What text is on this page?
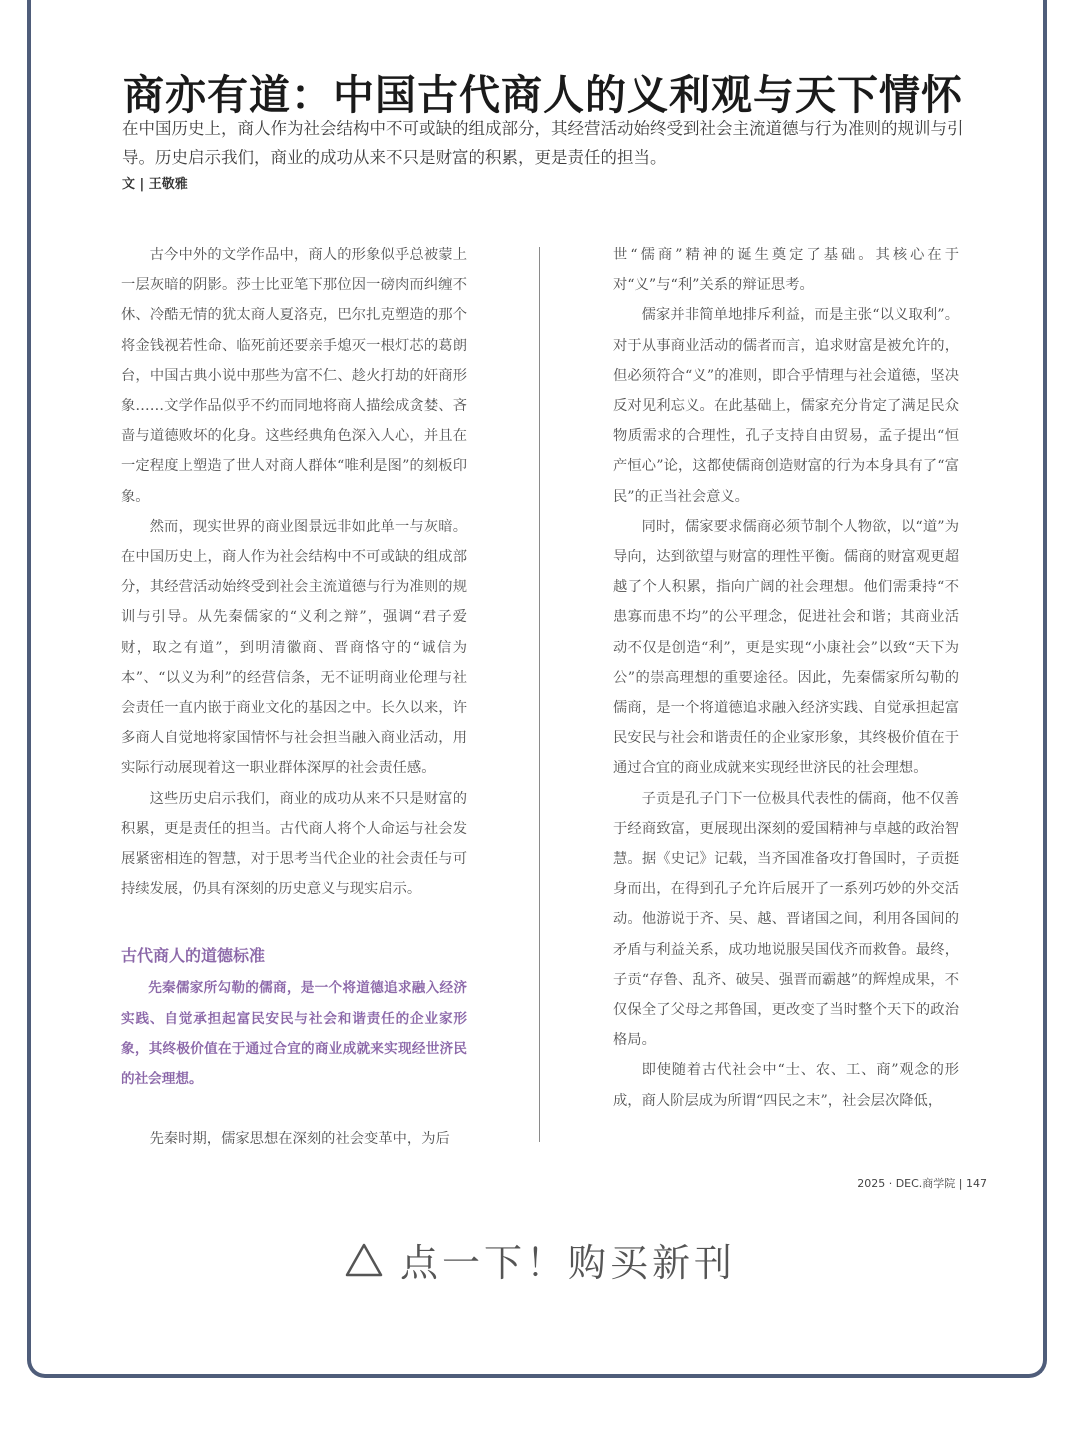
商亦有道：中国古代商人的义利观与天下情怀

在中国历史上，商人作为社会结构中不可或缺的组成部分，其经营活动始终受到社会主流道德与行为准则的规训与引导。历史启示我们，商业的成功从来不只是财富的积累，更是责任的担当。

文 | 王敬雅

古今中外的文学作品中，商人的形象似乎总被蒙上一层灰暗的阴影。莎士比亚笔下那位因一磅肉而纠缠不休、冷酷无情的犹太商人夏洛克，巴尔扎克塑造的那个将金钱视若性命、临死前还要亲手熄灭一根灯芯的葛朗台，中国古典小说中那些为富不仁、趁火打劫的奸商形象……文学作品似乎不约而同地将商人描绘成贪婪、吝啬与道德败坏的化身。这些经典角色深入人心，并且在一定程度上塑造了世人对商人群体“唯利是图”的刻板印象。

然而，现实世界的商业图景远非如此单一与灰暗。在中国历史上，商人作为社会结构中不可或缺的组成部分，其经营活动始终受到社会主流道德与行为准则的规训与引导。从先秦儒家的“义利之辩”，强调“君子爱财，取之有道”，到明清徽商、晋商恪守的“诚信为本”、“以义为利”的经营信条，无不证明商业伦理与社会责任一直内嵌于商业文化的基因之中。长久以来，许多商人自觉地将家国情怀与社会担当融入商业活动，用实际行动展现着这一职业群体深厚的社会责任感。

这些历史启示我们，商业的成功从来不只是财富的积累，更是责任的担当。古代商人将个人命运与社会发展紧密相连的智慧，对于思考当代企业的社会责任与可持续发展，仍具有深刻的历史意义与现实启示。

古代商人的道德标准
先秦儒家所勾勒的儒商，是一个将道德追求融入经济实践、自觉承担起富民安民与社会和谐责任的企业家形象，其终极价值在于通过合宜的商业成就来实现经世济民的社会理想。

先秦时期，儒家思想在深刻的社会变革中，为后

世“儒商”精神的诞生奠定了基础。其核心在于对“义”与“利”关系的辩证思考。

儒家并非简单地排斥利益，而是主张“以义取利”。对于从事商业活动的儒者而言，追求财富是被允许的，但必须符合“义”的准则，即合乎情理与社会道德，坚决反对见利忘义。在此基础上，儒家充分肯定了满足民众物质需求的合理性，孔子支持自由贸易，孟子提出“恒产恒心”论，这都使儒商创造财富的行为本身具有了“富民”的正当社会意义。

同时，儒家要求儒商必须节制个人物欲，以“道”为导向，达到欲望与财富的理性平衡。儒商的财富观更超越了个人积累，指向广阔的社会理想。他们需秉持“不患寡而患不均”的公平理念，促进社会和谐；其商业活动不仅是创造“利”，更是实现“小康社会”以致“天下为公”的崇高理想的重要途径。因此，先秦儒家所勾勒的儒商，是一个将道德追求融入经济实践、自觉承担起富民安民与社会和谐责任的企业家形象，其终极价值在于通过合宜的商业成就来实现经世济民的社会理想。

子贡是孔子门下一位极具代表性的儒商，他不仅善于经商致富，更展现出深刻的爱国精神与卓越的政治智慧。据《史记》记载，当齐国准备攻打鲁国时，子贡挺身而出，在得到孔子允许后展开了一系列巧妙的外交活动。他游说于齐、吴、越、晋诸国之间，利用各国间的矛盾与利益关系，成功地说服吴国伐齐而救鲁。最终，子贡“存鲁、乱齐、破吴、强晋而霸越”的辉煌成果，不仅保全了父母之邦鲁国，更改变了当时整个天下的政治格局。

即使随着古代社会中“士、农、工、商”观念的形成，商人阶层成为所谓“四民之末”，社会层次降低，

2025 · DEC.商学院 | 147
点一下！购买新刊
